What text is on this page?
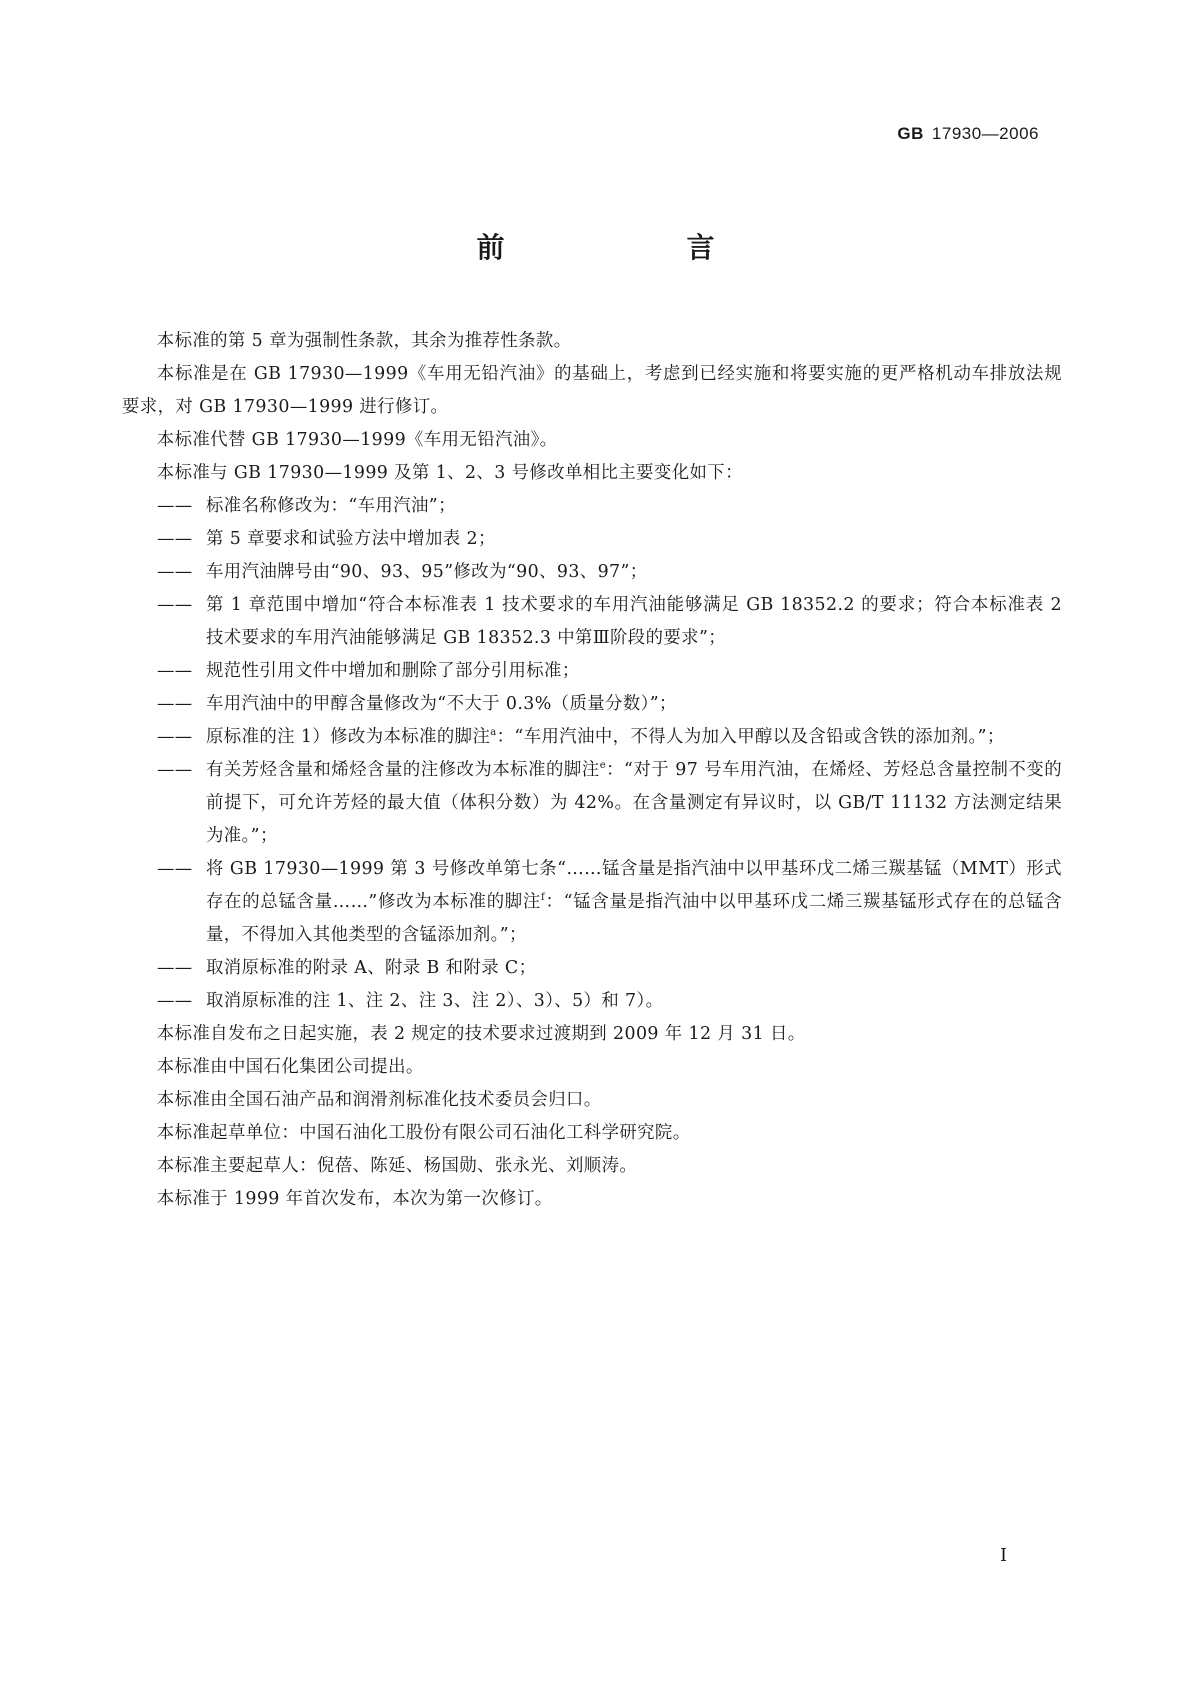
GB 17930—2006
前　　言

本标准的第 5 章为强制性条款，其余为推荐性条款。

本标准是在 GB 17930—1999《车用无铅汽油》的基础上，考虑到已经实施和将要实施的更严格机动车排放法规要求，对 GB 17930—1999 进行修订。

本标准代替 GB 17930—1999《车用无铅汽油》。

本标准与 GB 17930—1999 及第 1、2、3 号修改单相比主要变化如下：

—— 标准名称修改为：“车用汽油”；
—— 第 5 章要求和试验方法中增加表 2；
—— 车用汽油牌号由“90、93、95”修改为“90、93、97”；
—— 第 1 章范围中增加“符合本标准表 1 技术要求的车用汽油能够满足 GB 18352.2 的要求；符合本标准表 2 技术要求的车用汽油能够满足 GB 18352.3 中第Ⅲ阶段的要求”；
—— 规范性引用文件中增加和删除了部分引用标准；
—— 车用汽油中的甲醇含量修改为“不大于 0.3%（质量分数）”；
—— 原标准的注 1）修改为本标准的脚注$^a$：“车用汽油中，不得人为加入甲醇以及含铅或含铁的添加剂。”；
—— 有关芳烃含量和烯烃含量的注修改为本标准的脚注$^e$：“对于 97 号车用汽油，在烯烃、芳烃总含量控制不变的前提下，可允许芳烃的最大值（体积分数）为 42%。在含量测定有异议时，以 GB/T 11132 方法测定结果为准。”；
—— 将 GB 17930—1999 第 3 号修改单第七条“……锰含量是指汽油中以甲基环戊二烯三羰基锰（MMT）形式存在的总锰含量……”修改为本标准的脚注$^f$：“锰含量是指汽油中以甲基环戊二烯三羰基锰形式存在的总锰含量，不得加入其他类型的含锰添加剂。”；
—— 取消原标准的附录 A、附录 B 和附录 C；
—— 取消原标准的注 1、注 2、注 3、注 2）、3）、5）和 7）。

本标准自发布之日起实施，表 2 规定的技术要求过渡期到 2009 年 12 月 31 日。

本标准由中国石化集团公司提出。

本标准由全国石油产品和润滑剂标准化技术委员会归口。

本标准起草单位：中国石油化工股份有限公司石油化工科学研究院。

本标准主要起草人：倪蓓、陈延、杨国勋、张永光、刘顺涛。

本标准于 1999 年首次发布，本次为第一次修订。

I
